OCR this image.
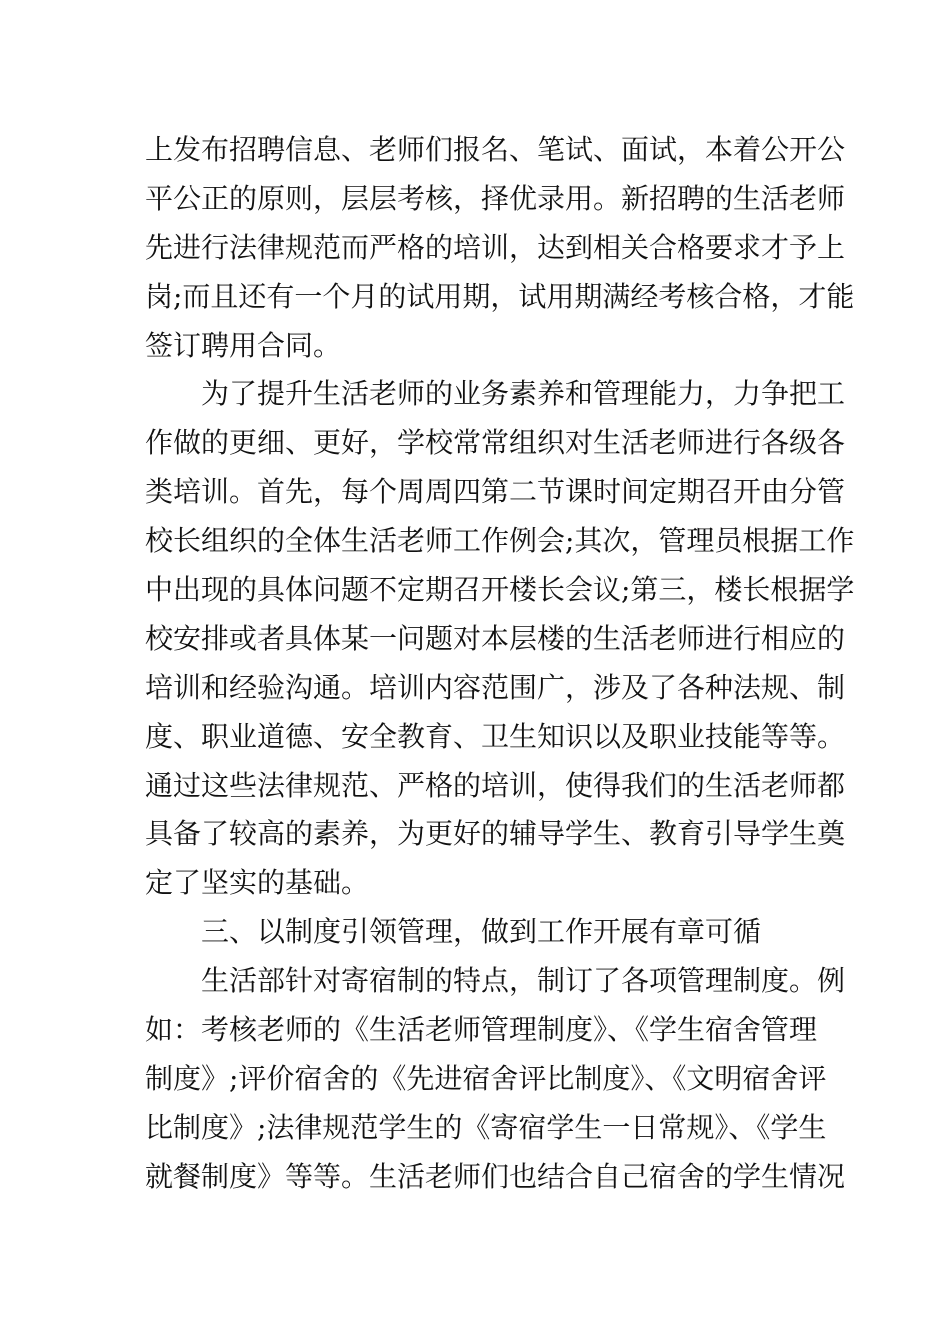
上发布招聘信息、老师们报名、笔试、面试，本着公开公
平公正的原则，层层考核，择优录用。新招聘的生活老师
先进行法律规范而严格的培训，达到相关合格要求才予上
岗;而且还有一个月的试用期，试用期满经考核合格，才能
签订聘用合同。
为了提升生活老师的业务素养和管理能力，力争把工
作做的更细、更好，学校常常组织对生活老师进行各级各
类培训。首先，每个周周四第二节课时间定期召开由分管
校长组织的全体生活老师工作例会;其次，管理员根据工作
中出现的具体问题不定期召开楼长会议;第三，楼长根据学
校安排或者具体某一问题对本层楼的生活老师进行相应的
培训和经验沟通。培训内容范围广，涉及了各种法规、制
度、职业道德、安全教育、卫生知识以及职业技能等等。
通过这些法律规范、严格的培训，使得我们的生活老师都
具备了较高的素养，为更好的辅导学生、教育引导学生奠
定了坚实的基础。
三、以制度引领管理，做到工作开展有章可循
生活部针对寄宿制的特点，制订了各项管理制度。例
如：考核老师的《生活老师管理制度》、《学生宿舍管理
制度》;评价宿舍的《先进宿舍评比制度》、《文明宿舍评
比制度》;法律规范学生的《寄宿学生一日常规》、《学生
就餐制度》等等。生活老师们也结合自己宿舍的学生情况
